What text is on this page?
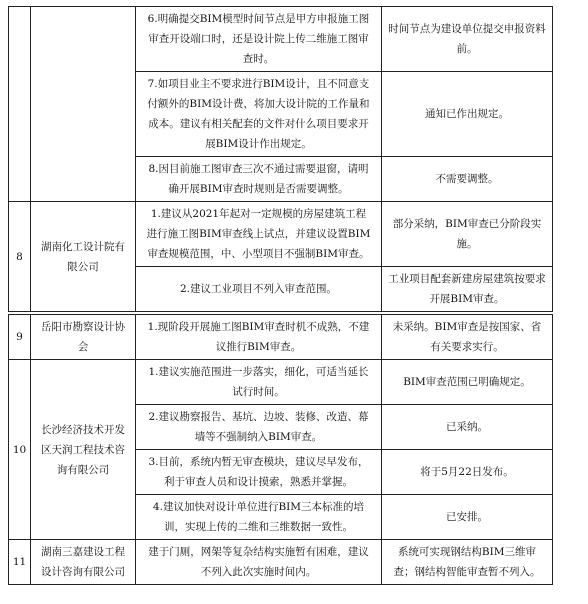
		6.明确提交BIM模型时间节点是甲方申报施工图审查开设端口时，还是设计院上传二维施工图审查时。	时间节点为建设单位提交申报资料前。
		7.如项目业主不要求进行BIM设计，且不同意支付额外的BIM设计费，将加大设计院的工作量和成本。建议有相关配套的文件对什么项目要求开展BIM设计作出规定。	通知已作出规定。
		8.因目前施工图审查三次不通过需要退窗，请明确开展BIM审查时规则是否需要调整。	不需要调整。
8	湖南化工设计院有限公司	1.建议从2021年起对一定规模的房屋建筑工程进行施工图BIM审查线上试点，并建议设置BIM审查规模范围，中、小型项目不强制BIM审查。	部分采纳，BIM审查已分阶段实施。
		2.建议工业项目不列入审查范围。	工业项目配套新建房屋建筑按要求开展BIM审查。
9	岳阳市勘察设计协会	1.现阶段开展施工图BIM审查时机不成熟，不建议推行BIM审查。	未采纳。BIM审查是按国家、省有关要求实行。
10	长沙经济技术开发区天润工程技术咨询有限公司	1.建议实施范围进一步落实，细化，可适当延长试行时间。	BIM审查范围已明确规定。
		2.建议勘察报告、基坑、边坡、装修、改造、幕墙等不强制纳入BIM审查。	已采纳。
		3.目前，系统内暂无审查模块，建议尽早发布，利于审查人员和设计摸索，熟悉并掌握。	将于5月22日发布。
		4.建议加快对设计单位进行BIM三本标准的培训，实现上传的二维和三维数据一致性。	已安排。
11	湖南三嘉建设工程设计咨询有限公司	建于门厕，网架等复杂结构实施暂有困难，建议不列入此次实施时间内。	系统可实现钢结构BIM三维审查；钢结构智能审查暂不列入。
